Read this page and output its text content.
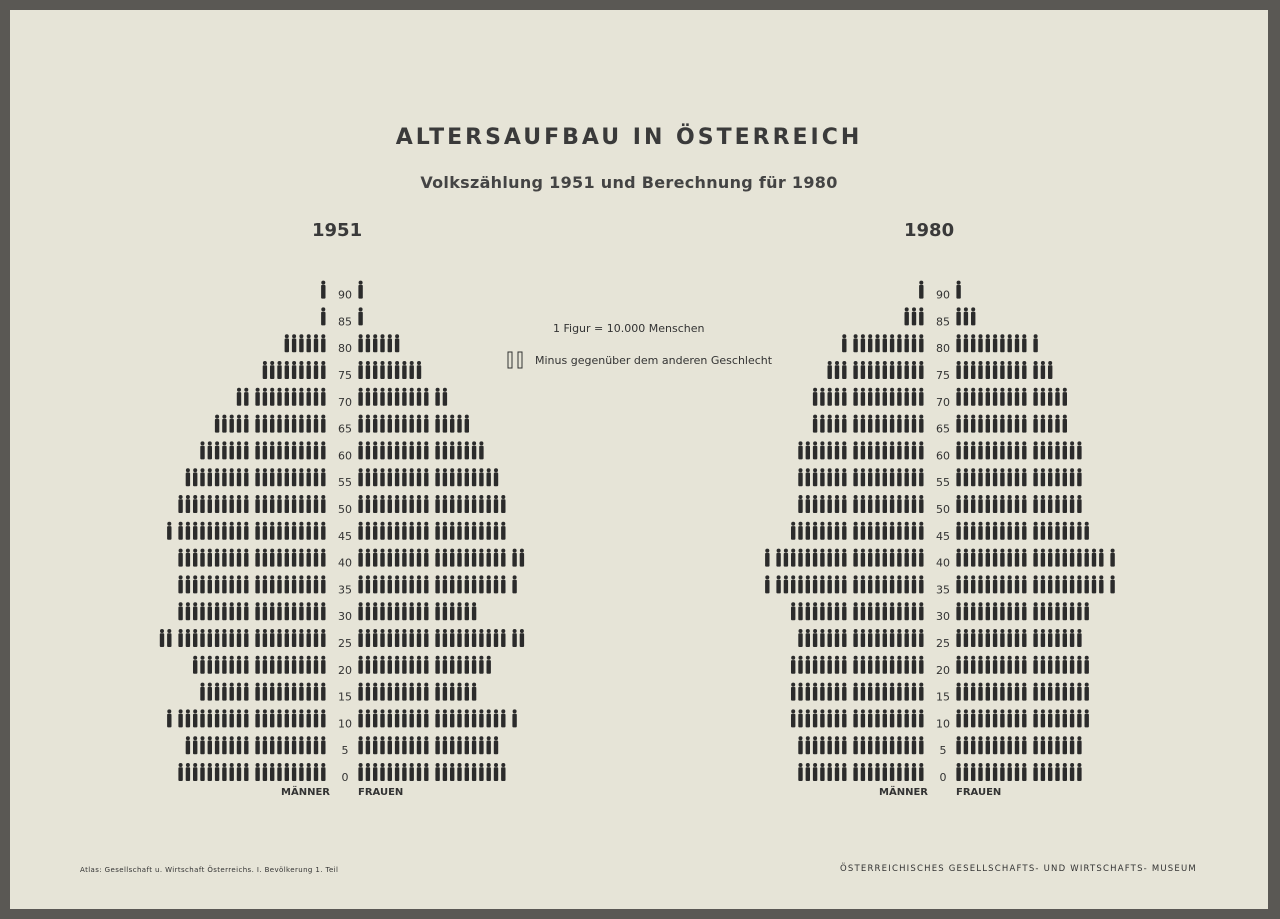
ALTERSAUFBAU IN ÖSTERREICH
Volkszählung 1951 und Berechnung für 1980
1951	1980
1 Figur = 10.000 Menschen
Minus gegenüber dem anderen Geschlecht
0
5
10
15
20
25
30
35
40
45
50
55
60
65
70
75
80
85
90
MÄNNER	FRAUEN
0
5
10
15
20
25
30
35
40
45
50
55
60
65
70
75
80
85
90
MÄNNER	FRAUEN
Atlas: Gesellschaft u. Wirtschaft Österreichs. I. Bevölkerung 1. Teil	ÖSTERREICHISCHES GESELLSCHAFTS- UND WIRTSCHAFTS- MUSEUM
